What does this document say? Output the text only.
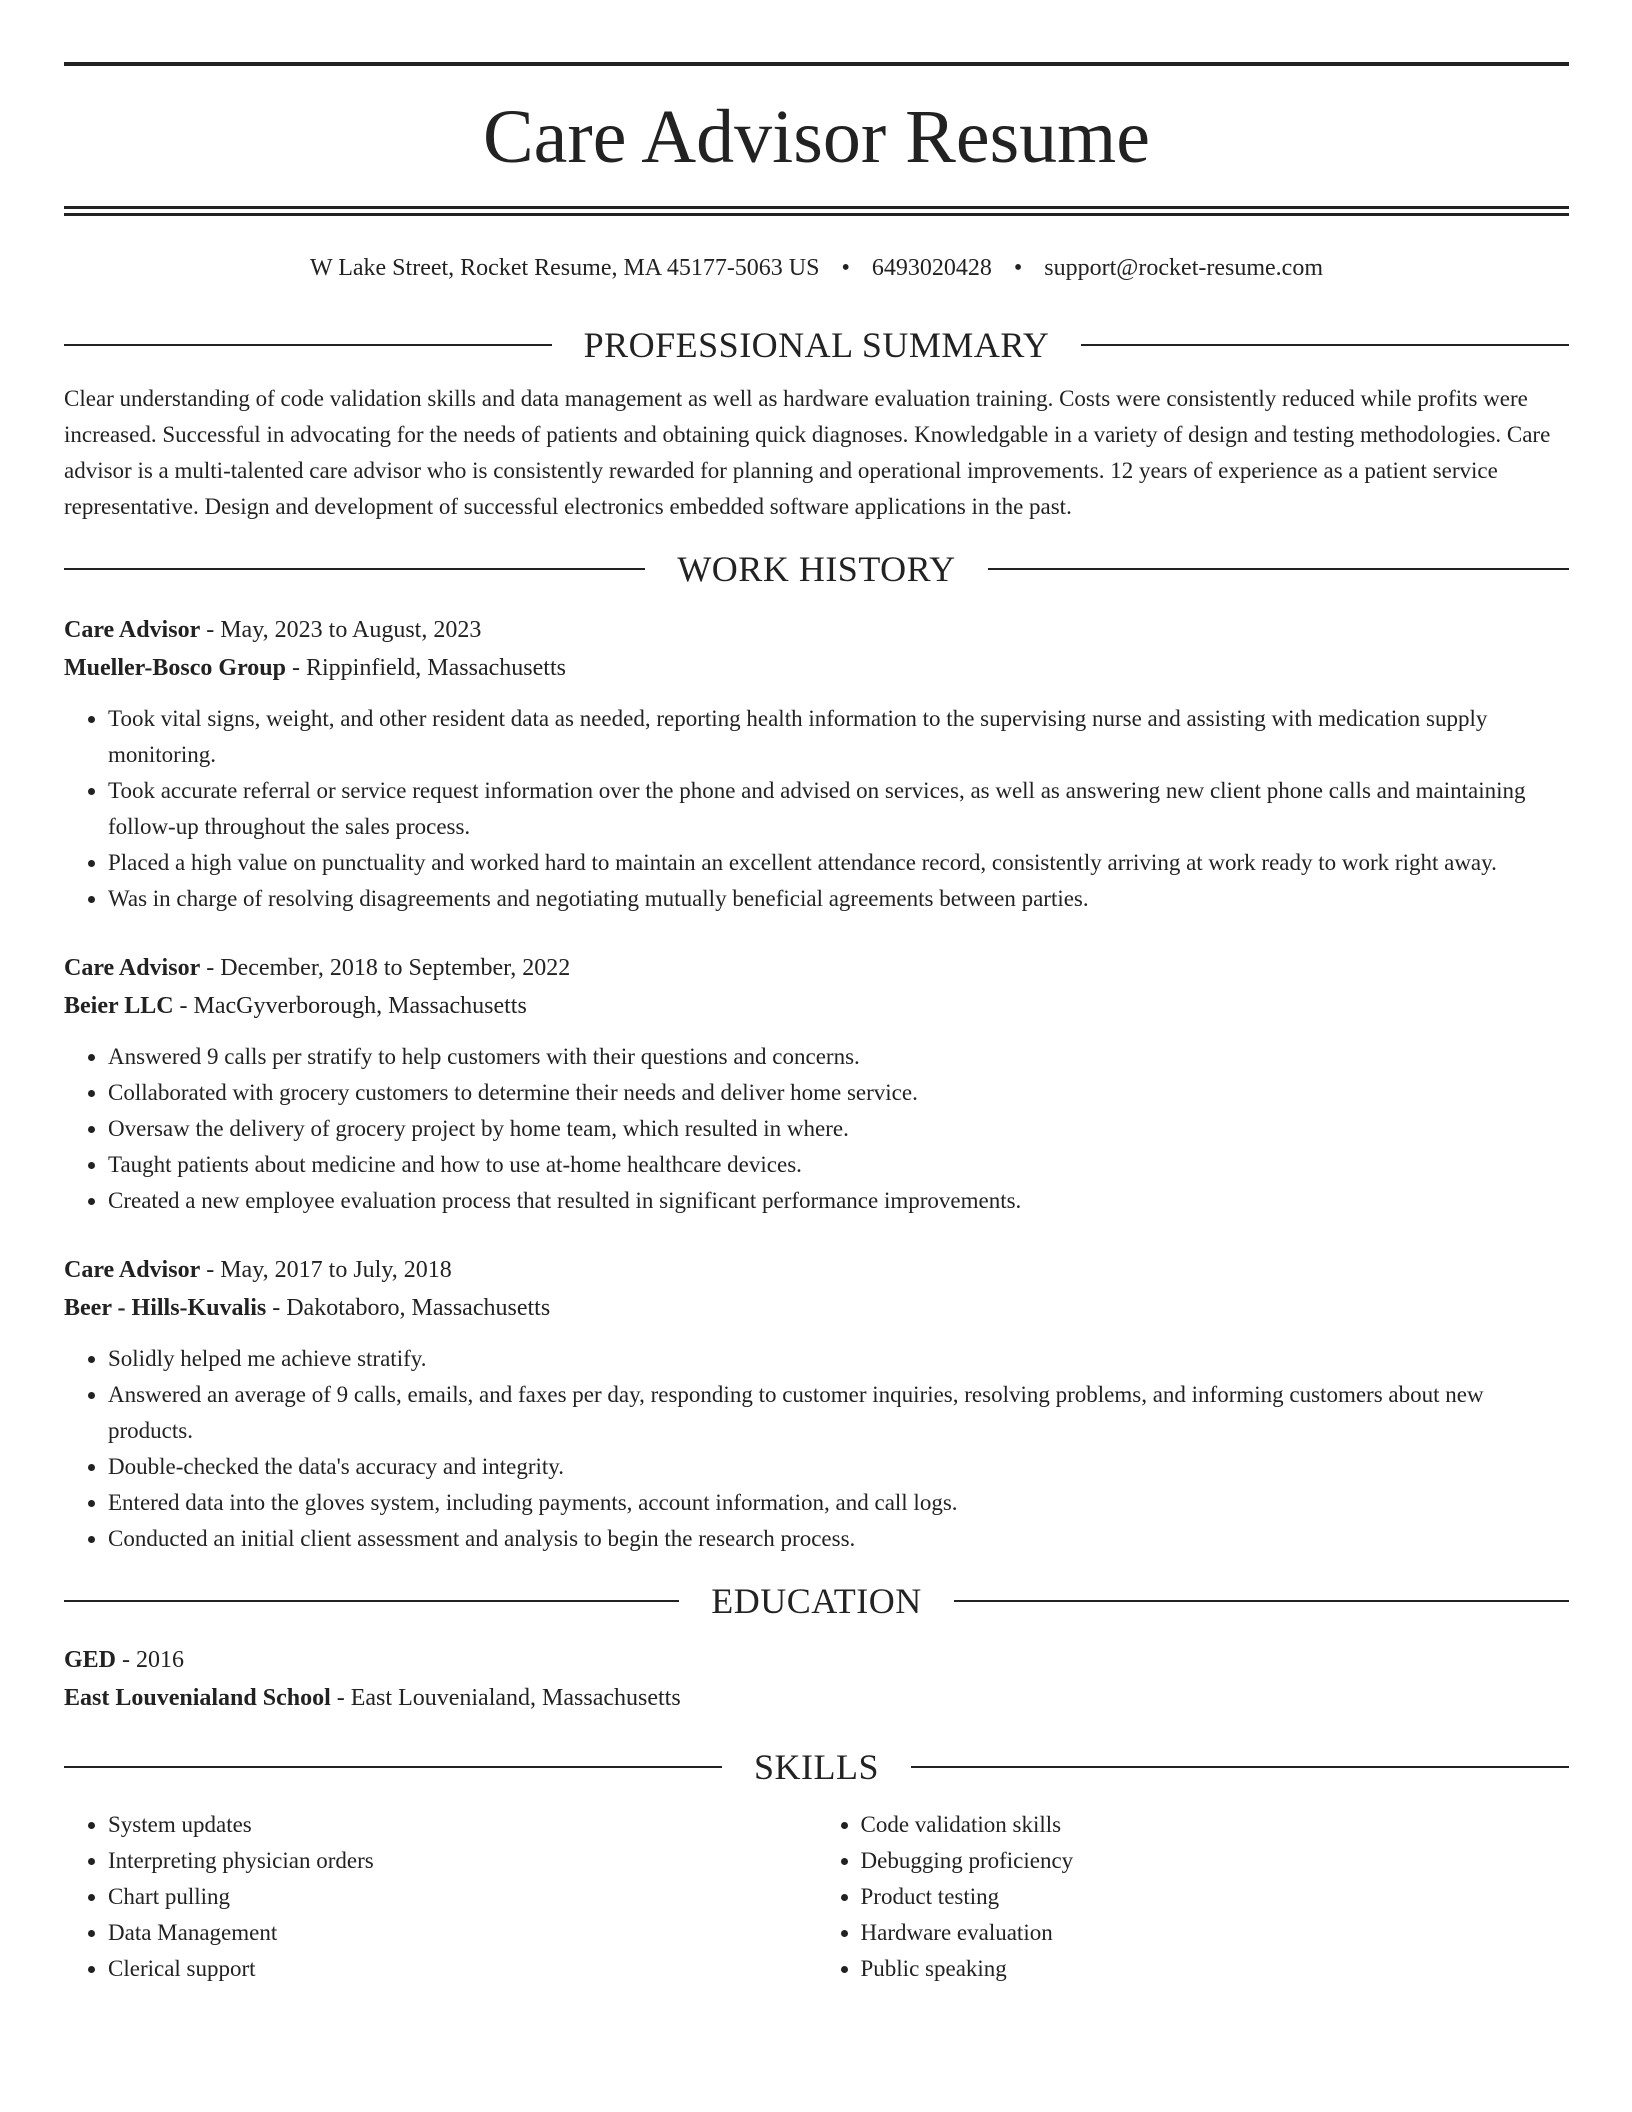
Care Advisor Resume
W Lake Street, Rocket Resume, MA 45177-5063 US • 6493020428 • support@rocket-resume.com
PROFESSIONAL SUMMARY

Clear understanding of code validation skills and data management as well as hardware evaluation training. Costs were consistently reduced while profits were increased. Successful in advocating for the needs of patients and obtaining quick diagnoses. Knowledgable in a variety of design and testing methodologies. Care advisor is a multi-talented care advisor who is consistently rewarded for planning and operational improvements. 12 years of experience as a patient service representative. Design and development of successful electronics embedded software applications in the past.

WORK HISTORY
Care Advisor - May, 2023 to August, 2023
Mueller-Bosco Group - Rippinfield, Massachusetts
• Took vital signs, weight, and other resident data as needed, reporting health information to the supervising nurse and assisting with medication supply monitoring.
• Took accurate referral or service request information over the phone and advised on services, as well as answering new client phone calls and maintaining follow-up throughout the sales process.
• Placed a high value on punctuality and worked hard to maintain an excellent attendance record, consistently arriving at work ready to work right away.
• Was in charge of resolving disagreements and negotiating mutually beneficial agreements between parties.
Care Advisor - December, 2018 to September, 2022
Beier LLC - MacGyverborough, Massachusetts
• Answered 9 calls per stratify to help customers with their questions and concerns.
• Collaborated with grocery customers to determine their needs and deliver home service.
• Oversaw the delivery of grocery project by home team, which resulted in where.
• Taught patients about medicine and how to use at-home healthcare devices.
• Created a new employee evaluation process that resulted in significant performance improvements.
Care Advisor - May, 2017 to July, 2018
Beer - Hills-Kuvalis - Dakotaboro, Massachusetts
• Solidly helped me achieve stratify.
• Answered an average of 9 calls, emails, and faxes per day, responding to customer inquiries, resolving problems, and informing customers about new products.
• Double-checked the data's accuracy and integrity.
• Entered data into the gloves system, including payments, account information, and call logs.
• Conducted an initial client assessment and analysis to begin the research process.
EDUCATION
GED - 2016
East Louvenialand School - East Louvenialand, Massachusetts
SKILLS
• System updates
• Interpreting physician orders
• Chart pulling
• Data Management
• Clerical support
• Code validation skills
• Debugging proficiency
• Product testing
• Hardware evaluation
• Public speaking
